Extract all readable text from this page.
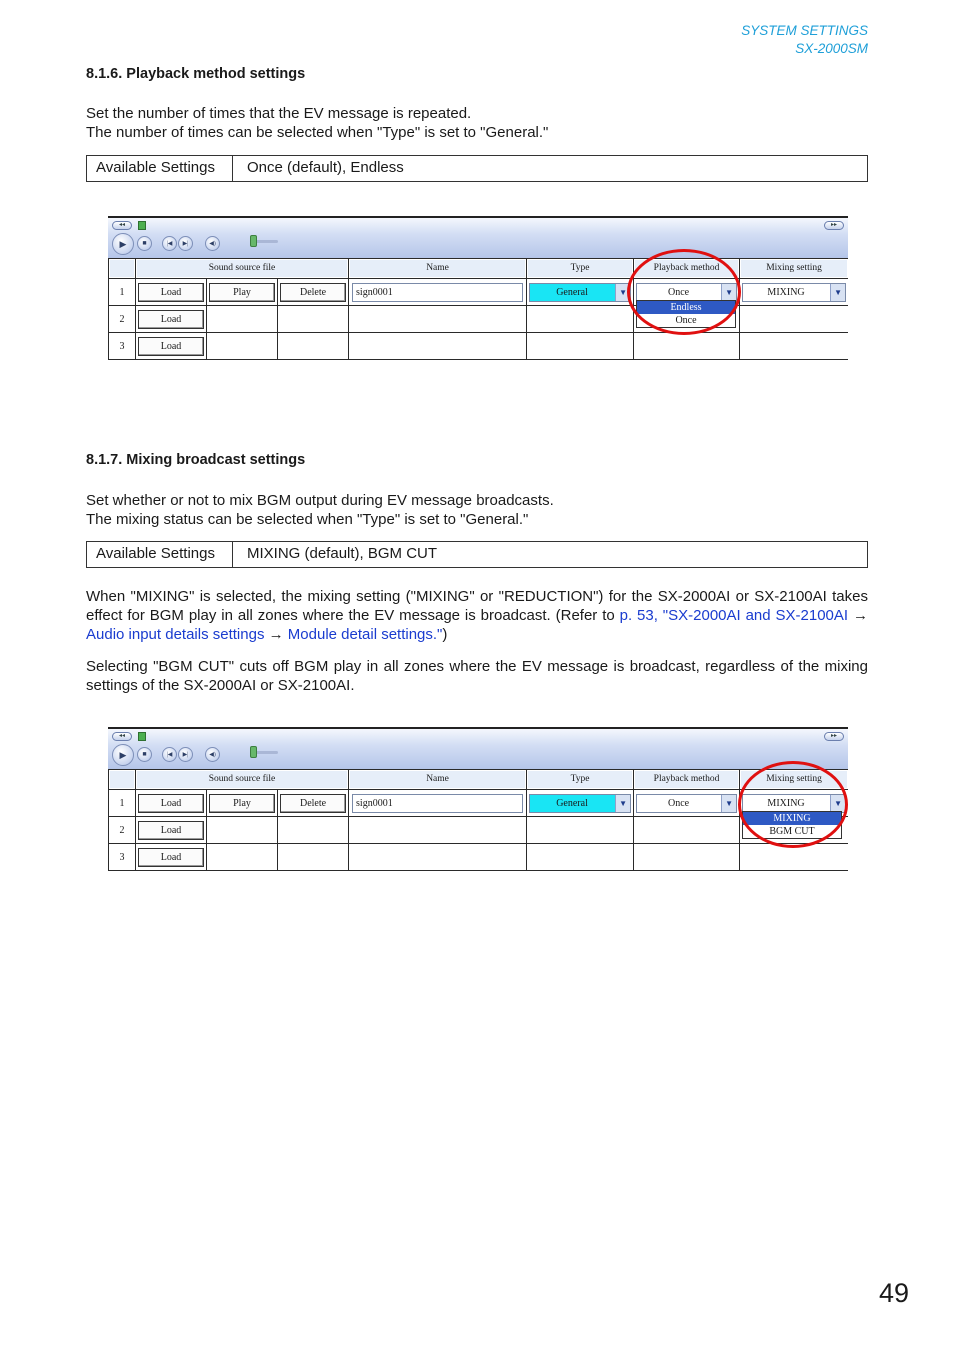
SYSTEM SETTINGS
SX-2000SM
8.1.6. Playback method settings
Set the number of times that the EV message is repeated.
The number of times can be selected when "Type" is set to "General."
Available Settings	Once (default), Endless
◂◂	▸▸
▶	■	|◀	▶|	◀)

	Sound source file			Name	Type	Playback method	Mixing setting

1	Load	Play	Delete	sign0001	General ▼	Once ▼	MIXING ▼

2	Load						
3	Load						
Endless
Once
8.1.7. Mixing broadcast settings
Set whether or not to mix BGM output during EV message broadcasts.
The mixing status can be selected when "Type" is set to "General."
Available Settings	MIXING (default), BGM CUT
When "MIXING" is selected, the mixing setting ("MIXING" or "REDUCTION") for the SX-2000AI or SX-2100AI takes effect for BGM play in all zones where the EV message is broadcast. (Refer to p. 53, "SX-2000AI and SX-2100AI → Audio input details settings → Module detail settings.")
Selecting "BGM CUT" cuts off BGM play in all zones where the EV message is broadcast, regardless of the mixing settings of the SX-2000AI or SX-2100AI.
◂◂	▸▸
▶	■	|◀	▶|	◀)

	Sound source file			Name	Type	Playback method	Mixing setting

1	Load	Play	Delete	sign0001	General ▼	Once ▼	MIXING ▼

2	Load						
3	Load						
MIXING
BGM CUT
49
